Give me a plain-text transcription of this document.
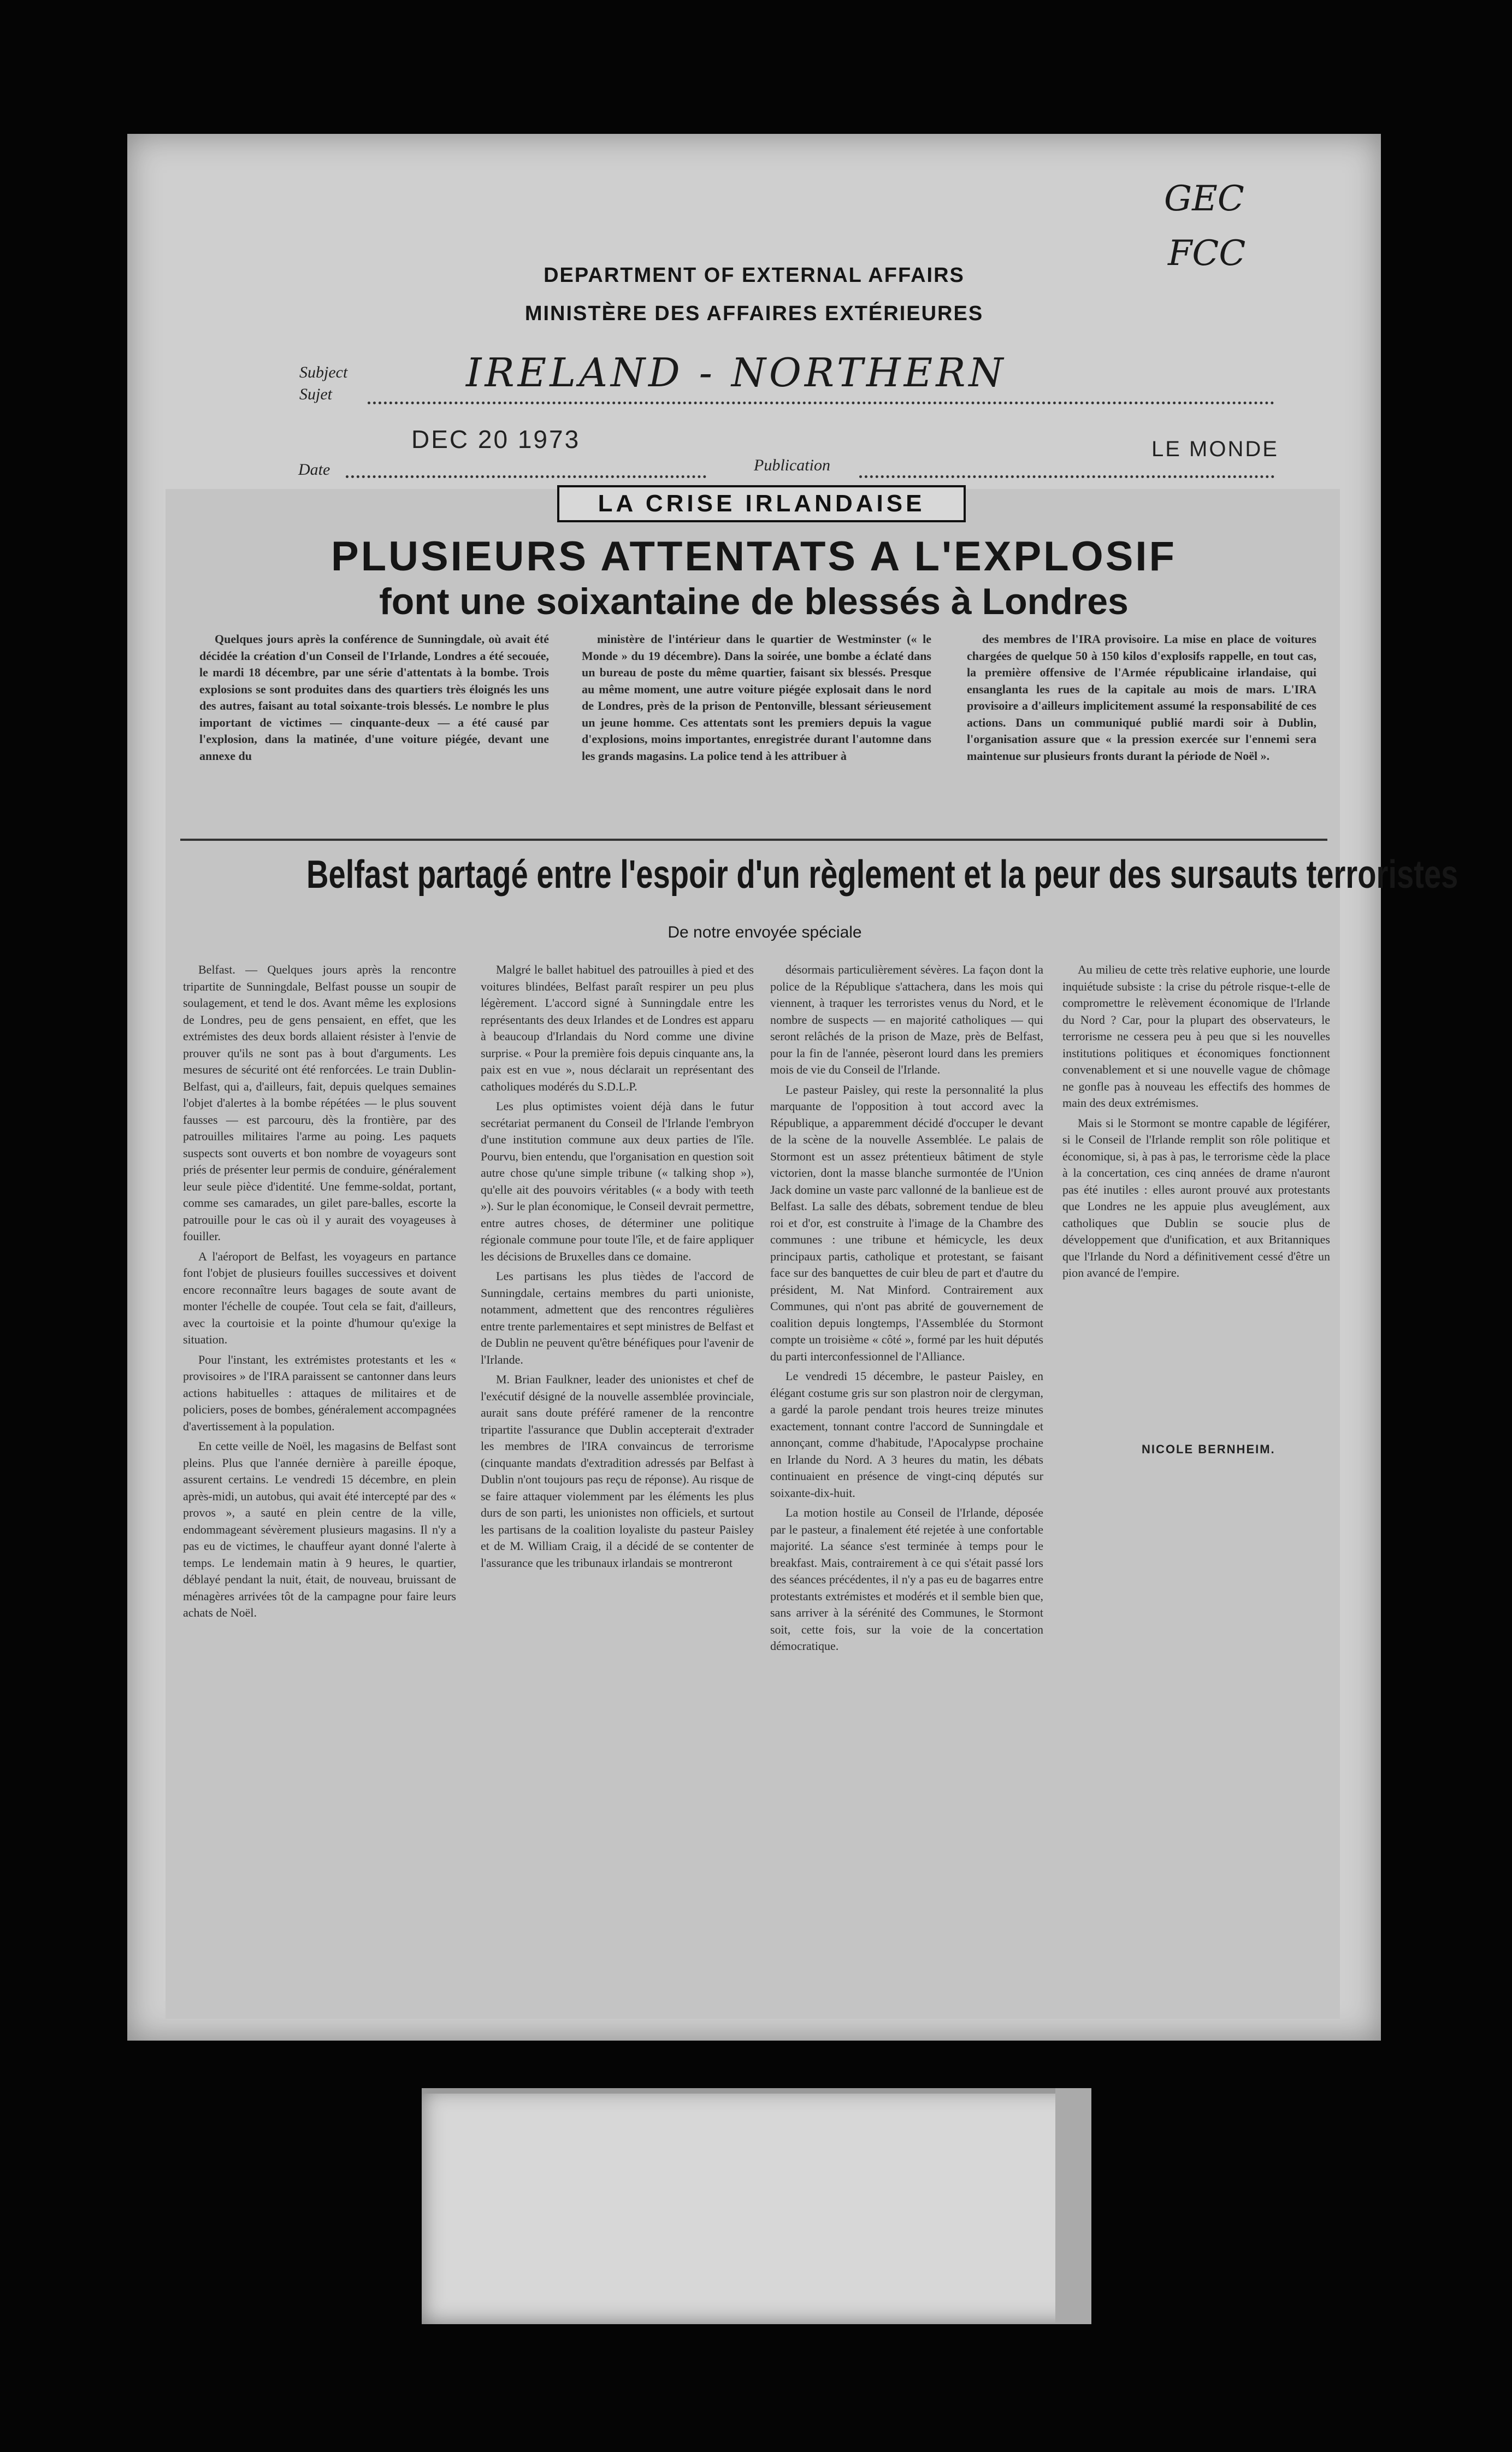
GEC
FCC
DEPARTMENT OF EXTERNAL AFFAIRS
MINISTÈRE DES AFFAIRES EXTÉRIEURES
Subject
Sujet	IRELAND - NORTHERN
DEC 20 1973
Date	Publication
LE MONDE
LA CRISE IRLANDAISE
PLUSIEURS ATTENTATS A L'EXPLOSIF
font une soixantaine de blessés à Londres

Quelques jours après la conférence de Sunningdale, où avait été décidée la création d'un Conseil de l'Irlande, Londres a été secouée, le mardi 18 décembre, par une série d'attentats à la bombe. Trois explosions se sont produites dans des quartiers très éloignés les uns des autres, faisant au total soixante-trois blessés. Le nombre le plus important de victimes — cinquante-deux — a été causé par l'explosion, dans la matinée, d'une voiture piégée, devant une annexe du

ministère de l'intérieur dans le quartier de Westminster (« le Monde » du 19 décembre). Dans la soirée, une bombe a éclaté dans un bureau de poste du même quartier, faisant six blessés. Presque au même moment, une autre voiture piégée explosait dans le nord de Londres, près de la prison de Pentonville, blessant sérieusement un jeune homme. Ces attentats sont les premiers depuis la vague d'explosions, moins importantes, enregistrée durant l'automne dans les grands magasins. La police tend à les attribuer à

des membres de l'IRA provisoire. La mise en place de voitures chargées de quelque 50 à 150 kilos d'explosifs rappelle, en tout cas, la première offensive de l'Armée républicaine irlandaise, qui ensanglanta les rues de la capitale au mois de mars. L'IRA provisoire a d'ailleurs implicitement assumé la responsabilité de ces actions. Dans un communiqué publié mardi soir à Dublin, l'organisation assure que « la pression exercée sur l'ennemi sera maintenue sur plusieurs fronts durant la période de Noël ».

Belfast partagé entre l'espoir d'un règlement et la peur des sursauts terroristes
De notre envoyée spéciale

Belfast. — Quelques jours après la rencontre tripartite de Sunningdale, Belfast pousse un soupir de soulagement, et tend le dos. Avant même les explosions de Londres, peu de gens pensaient, en effet, que les extrémistes des deux bords allaient résister à l'envie de prouver qu'ils ne sont pas à bout d'arguments. Les mesures de sécurité ont été renforcées. Le train Dublin-Belfast, qui a, d'ailleurs, fait, depuis quelques semaines l'objet d'alertes à la bombe répétées — le plus souvent fausses — est parcouru, dès la frontière, par des patrouilles militaires l'arme au poing. Les paquets suspects sont ouverts et bon nombre de voyageurs sont priés de présenter leur permis de conduire, généralement leur seule pièce d'identité. Une femme-soldat, portant, comme ses camarades, un gilet pare-balles, escorte la patrouille pour le cas où il y aurait des voyageuses à fouiller.

A l'aéroport de Belfast, les voyageurs en partance font l'objet de plusieurs fouilles successives et doivent encore reconnaître leurs bagages de soute avant de monter l'échelle de coupée. Tout cela se fait, d'ailleurs, avec la courtoisie et la pointe d'humour qu'exige la situation.

Pour l'instant, les extrémistes protestants et les « provisoires » de l'IRA paraissent se cantonner dans leurs actions habituelles : attaques de militaires et de policiers, poses de bombes, généralement accompagnées d'avertissement à la population.

En cette veille de Noël, les magasins de Belfast sont pleins. Plus que l'année dernière à pareille époque, assurent certains. Le vendredi 15 décembre, en plein après-midi, un autobus, qui avait été intercepté par des « provos », a sauté en plein centre de la ville, endommageant sévèrement plusieurs magasins. Il n'y a pas eu de victimes, le chauffeur ayant donné l'alerte à temps. Le lendemain matin à 9 heures, le quartier, déblayé pendant la nuit, était, de nouveau, bruissant de ménagères arrivées tôt de la campagne pour faire leurs achats de Noël.

Malgré le ballet habituel des patrouilles à pied et des voitures blindées, Belfast paraît respirer un peu plus légèrement. L'accord signé à Sunningdale entre les représentants des deux Irlandes et de Londres est apparu à beaucoup d'Irlandais du Nord comme une divine surprise. « Pour la première fois depuis cinquante ans, la paix est en vue », nous déclarait un représentant des catholiques modérés du S.D.L.P.

Les plus optimistes voient déjà dans le futur secrétariat permanent du Conseil de l'Irlande l'embryon d'une institution commune aux deux parties de l'île. Pourvu, bien entendu, que l'organisation en question soit autre chose qu'une simple tribune (« talking shop »), qu'elle ait des pouvoirs véritables (« a body with teeth »). Sur le plan économique, le Conseil devrait permettre, entre autres choses, de déterminer une politique régionale commune pour toute l'île, et de faire appliquer les décisions de Bruxelles dans ce domaine.

Les partisans les plus tièdes de l'accord de Sunningdale, certains membres du parti unioniste, notamment, admettent que des rencontres régulières entre trente parlementaires et sept ministres de Belfast et de Dublin ne peuvent qu'être bénéfiques pour l'avenir de l'Irlande.

M. Brian Faulkner, leader des unionistes et chef de l'exécutif désigné de la nouvelle assemblée provinciale, aurait sans doute préféré ramener de la rencontre tripartite l'assurance que Dublin accepterait d'extrader les membres de l'IRA convaincus de terrorisme (cinquante mandats d'extradition adressés par Belfast à Dublin n'ont toujours pas reçu de réponse). Au risque de se faire attaquer violemment par les éléments les plus durs de son parti, les unionistes non officiels, et surtout les partisans de la coalition loyaliste du pasteur Paisley et de M. William Craig, il a décidé de se contenter de l'assurance que les tribunaux irlandais se montreront

désormais particulièrement sévères. La façon dont la police de la République s'attachera, dans les mois qui viennent, à traquer les terroristes venus du Nord, et le nombre de suspects — en majorité catholiques — qui seront relâchés de la prison de Maze, près de Belfast, pour la fin de l'année, pèseront lourd dans les premiers mois de vie du Conseil de l'Irlande.

Le pasteur Paisley, qui reste la personnalité la plus marquante de l'opposition à tout accord avec la République, a apparemment décidé d'occuper le devant de la scène de la nouvelle Assemblée. Le palais de Stormont est un assez prétentieux bâtiment de style victorien, dont la masse blanche surmontée de l'Union Jack domine un vaste parc vallonné de la banlieue est de Belfast. La salle des débats, sobrement tendue de bleu roi et d'or, est construite à l'image de la Chambre des communes : une tribune et hémicycle, les deux principaux partis, catholique et protestant, se faisant face sur des banquettes de cuir bleu de part et d'autre du président, M. Nat Minford. Contrairement aux Communes, qui n'ont pas abrité de gouvernement de coalition depuis longtemps, l'Assemblée du Stormont compte un troisième « côté », formé par les huit députés du parti interconfessionnel de l'Alliance.

Le vendredi 15 décembre, le pasteur Paisley, en élégant costume gris sur son plastron noir de clergyman, a gardé la parole pendant trois heures treize minutes exactement, tonnant contre l'accord de Sunningdale et annonçant, comme d'habitude, l'Apocalypse prochaine en Irlande du Nord. A 3 heures du matin, les débats continuaient en présence de vingt-cinq députés sur soixante-dix-huit.

La motion hostile au Conseil de l'Irlande, déposée par le pasteur, a finalement été rejetée à une confortable majorité. La séance s'est terminée à temps pour le breakfast. Mais, contrairement à ce qui s'était passé lors des séances précédentes, il n'y a pas eu de bagarres entre protestants extrémistes et modérés et il semble bien que, sans arriver à la sérénité des Communes, le Stormont soit, cette fois, sur la voie de la concertation démocratique.

Au milieu de cette très relative euphorie, une lourde inquiétude subsiste : la crise du pétrole risque-t-elle de compromettre le relèvement économique de l'Irlande du Nord ? Car, pour la plupart des observateurs, le terrorisme ne cessera peu à peu que si les nouvelles institutions politiques et économiques fonctionnent convenablement et si une nouvelle vague de chômage ne gonfle pas à nouveau les effectifs des hommes de main des deux extrémismes.

Mais si le Stormont se montre capable de légiférer, si le Conseil de l'Irlande remplit son rôle politique et économique, si, à pas à pas, le terrorisme cède la place à la concertation, ces cinq années de drame n'auront pas été inutiles : elles auront prouvé aux protestants que Londres ne les appuie plus aveuglément, aux catholiques que Dublin se soucie plus de développement que d'unification, et aux Britanniques que l'Irlande du Nord a définitivement cessé d'être un pion avancé de l'empire.

NICOLE BERNHEIM.
